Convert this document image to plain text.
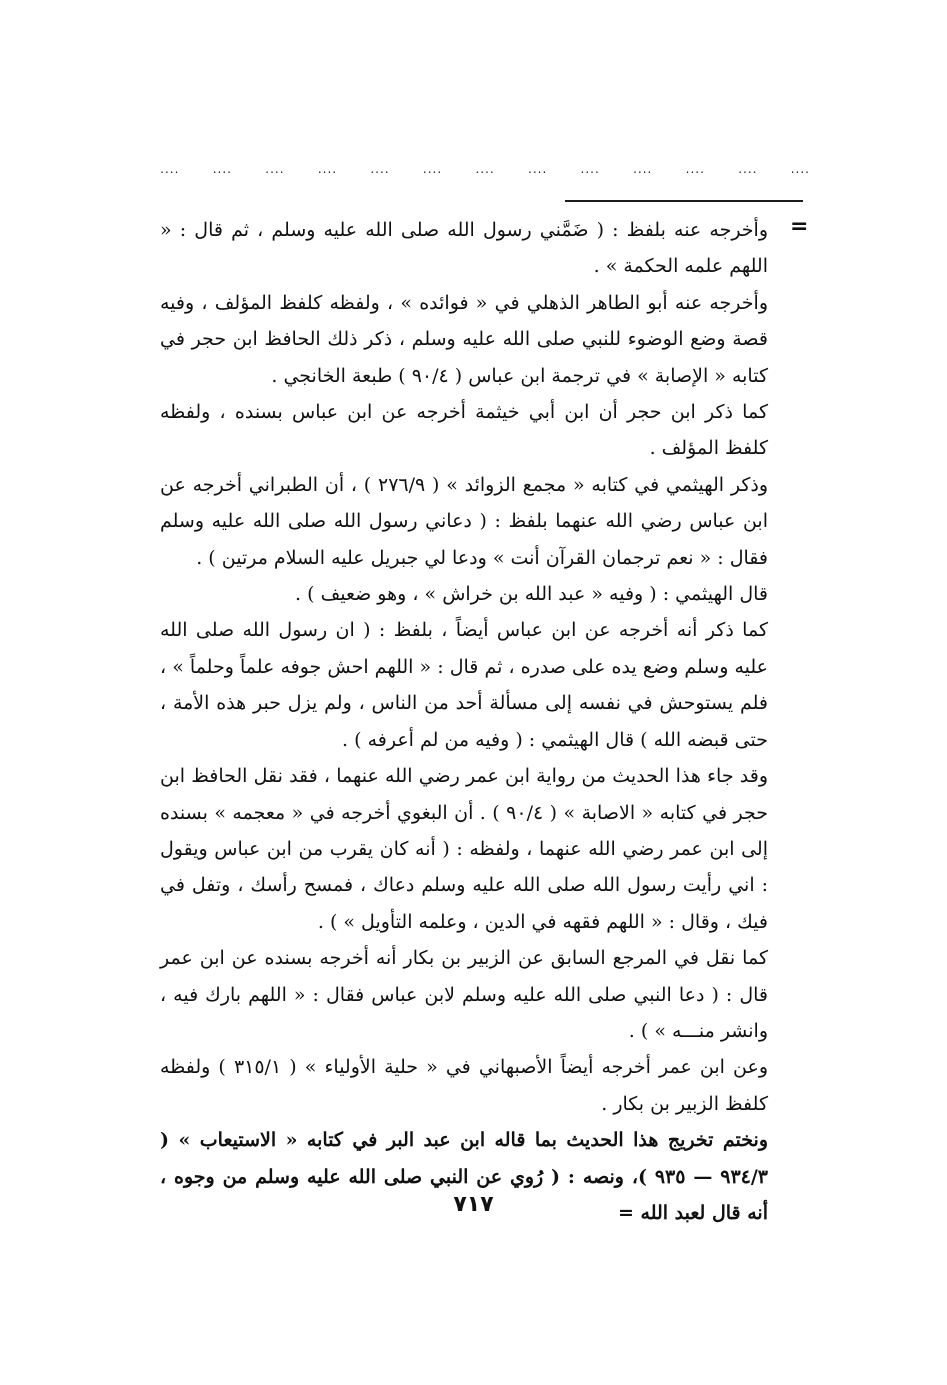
....
....
....
....
....
....
....
....
....
....
....
....
....
=

وأخرجه عنه بلفظ : ( ضَمَّني رسول الله صلى الله عليه وسلم ، ثم قال : « اللهم علمه الحكمة » .

وأخرجه عنه أبو الطاهر الذهلي في « فوائده » ، ولفظه كلفظ المؤلف ، وفيه قصة وضع الوضوء للنبي صلى الله عليه وسلم ، ذكر ذلك الحافظ ابن حجر في كتابه « الإصابة » في ترجمة ابن عباس ( ٩٠/٤ ) طبعة الخانجي .

كما ذكر ابن حجر أن ابن أبي خيثمة أخرجه عن ابن عباس بسنده ، ولفظه كلفظ المؤلف .

وذكر الهيثمي في كتابه « مجمع الزوائد » ( ٢٧٦/٩ ) ، أن الطبراني أخرجه عن ابن عباس رضي الله عنهما بلفظ : ( دعاني رسول الله صلى الله عليه وسلم فقال : « نعم ترجمان القرآن أنت » ودعا لي جبريل عليه السلام مرتين ) .

قال الهيثمي : ( وفيه « عبد الله بن خراش » ، وهو ضعيف ) .

كما ذكر أنه أخرجه عن ابن عباس أيضاً ، بلفظ : ( ان رسول الله صلى الله عليه وسلم وضع يده على صدره ، ثم قال : « اللهم احش جوفه علماً وحلماً » ، فلم يستوحش في نفسه إلى مسألة أحد من الناس ، ولم يزل حبر هذه الأمة ، حتى قبضه الله ) قال الهيثمي : ( وفيه من لم أعرفه ) .

وقد جاء هذا الحديث من رواية ابن عمر رضي الله عنهما ، فقد نقل الحافظ ابن حجر في كتابه « الاصابة » ( ٩٠/٤ ) . أن البغوي أخرجه في « معجمه » بسنده إلى ابن عمر رضي الله عنهما ، ولفظه : ( أنه كان يقرب من ابن عباس ويقول : اني رأيت رسول الله صلى الله عليه وسلم دعاك ، فمسح رأسك ، وتفل في فيك ، وقال : « اللهم فقهه في الدين ، وعلمه التأويل » ) .

كما نقل في المرجع السابق عن الزبير بن بكار أنه أخرجه بسنده عن ابن عمر قال : ( دعا النبي صلى الله عليه وسلم لابن عباس فقال : « اللهم بارك فيه ، وانشر منـــه » ) .

وعن ابن عمر أخرجه أيضاً الأصبهاني في « حلية الأولياء » ( ٣١٥/١ ) ولفظه كلفظ الزبير بن بكار .

ونختم تخريج هذا الحديث بما قاله ابن عبد البر في كتابه « الاستيعاب » ( ٩٣٤/٣ — ٩٣٥ )، ونصه : ( رُوي عن النبي صلى الله عليه وسلم من وجوه ، أنه قال لعبد الله =

٧١٧
